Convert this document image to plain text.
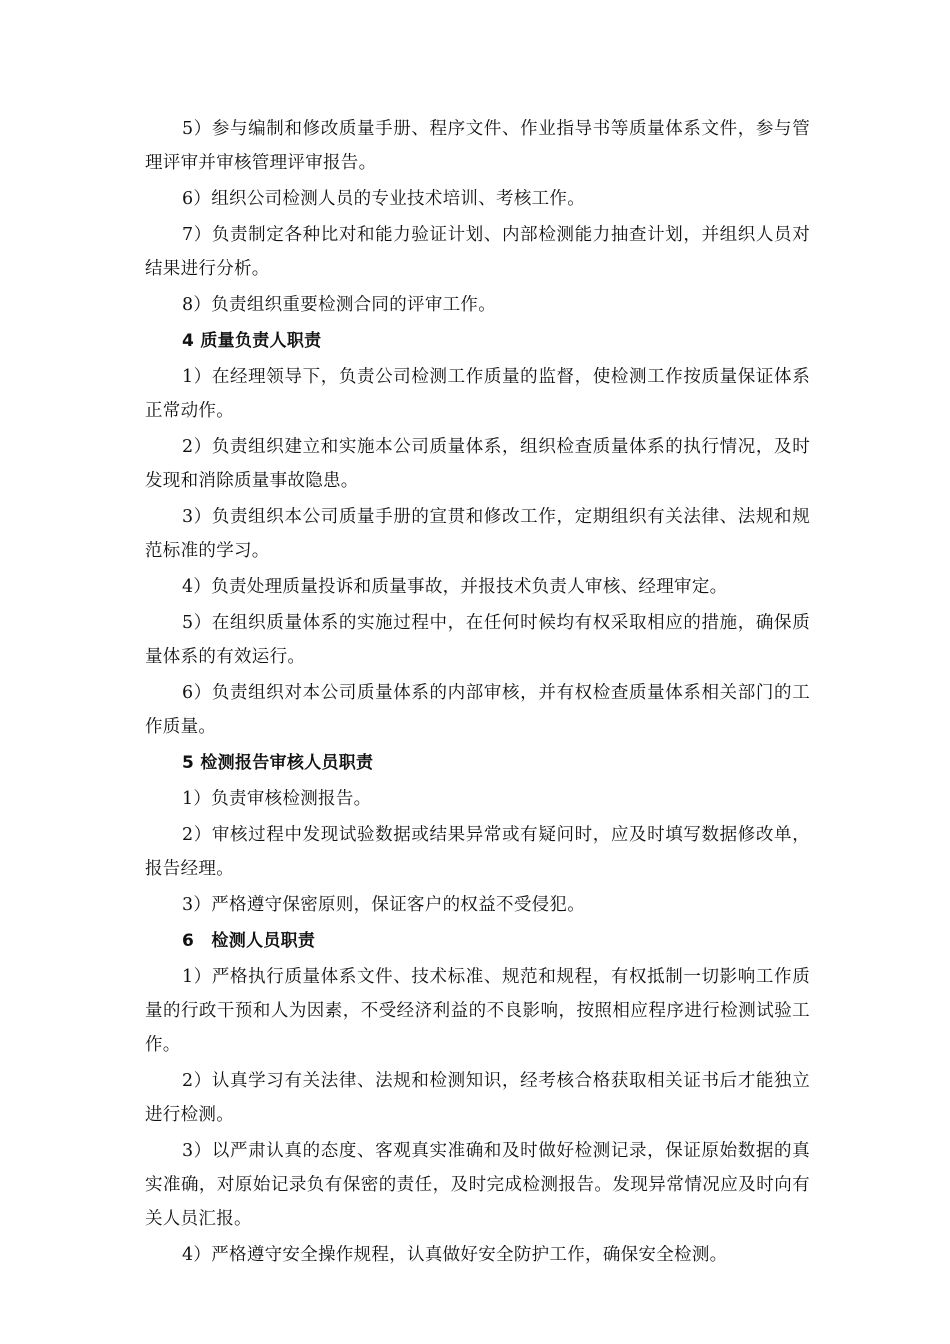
5）参与编制和修改质量手册、程序文件、作业指导书等质量体系文件，参与管理评审并审核管理评审报告。

6）组织公司检测人员的专业技术培训、考核工作。

7）负责制定各种比对和能力验证计划、内部检测能力抽查计划，并组织人员对结果进行分析。

8）负责组织重要检测合同的评审工作。

4 质量负责人职责

1）在经理领导下，负责公司检测工作质量的监督，使检测工作按质量保证体系正常动作。

2）负责组织建立和实施本公司质量体系，组织检查质量体系的执行情况，及时发现和消除质量事故隐患。

3）负责组织本公司质量手册的宣贯和修改工作，定期组织有关法律、法规和规范标准的学习。

4）负责处理质量投诉和质量事故，并报技术负责人审核、经理审定。

5）在组织质量体系的实施过程中，在任何时候均有权采取相应的措施，确保质量体系的有效运行。

6）负责组织对本公司质量体系的内部审核，并有权检查质量体系相关部门的工作质量。

5 检测报告审核人员职责

1）负责审核检测报告。

2）审核过程中发现试验数据或结果异常或有疑问时，应及时填写数据修改单，报告经理。

3）严格遵守保密原则，保证客户的权益不受侵犯。

6　检测人员职责

1）严格执行质量体系文件、技术标准、规范和规程，有权抵制一切影响工作质量的行政干预和人为因素，不受经济利益的不良影响，按照相应程序进行检测试验工作。

2）认真学习有关法律、法规和检测知识，经考核合格获取相关证书后才能独立进行检测。

3）以严肃认真的态度、客观真实准确和及时做好检测记录，保证原始数据的真实准确，对原始记录负有保密的责任，及时完成检测报告。发现异常情况应及时向有关人员汇报。

4）严格遵守安全操作规程，认真做好安全防护工作，确保安全检测。
